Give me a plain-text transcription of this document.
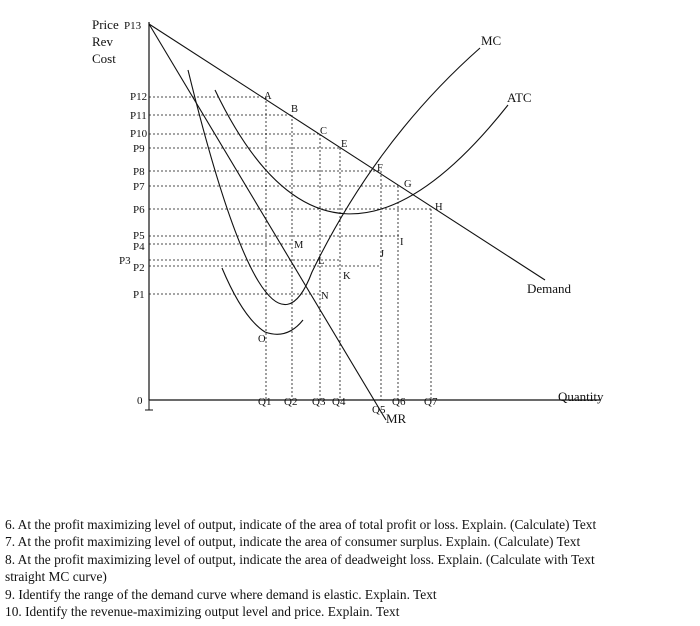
Price
Rev
Cost
Quantity
0
MC
ATC
Demand
MR
P13
P12
P11
P10
P9
P8
P7
P6
P5
P4
P3
P2
P1
Q1 Q2 Q3 Q4
Q5
Q6 Q7
A
B
C
E
F
G
H
M	I
L
J
K
N
O
6. At the profit maximizing level of output, indicate of the area of total profit or loss. Explain. (Calculate) Text
7. At the profit maximizing level of output, indicate the area of consumer surplus. Explain. (Calculate) Text
8. At the profit maximizing level of output, indicate the area of deadweight loss. Explain. (Calculate with Text
straight MC curve)
9. Identify the range of the demand curve where demand is elastic. Explain. Text
10. Identify the revenue-maximizing output level and price. Explain. Text
